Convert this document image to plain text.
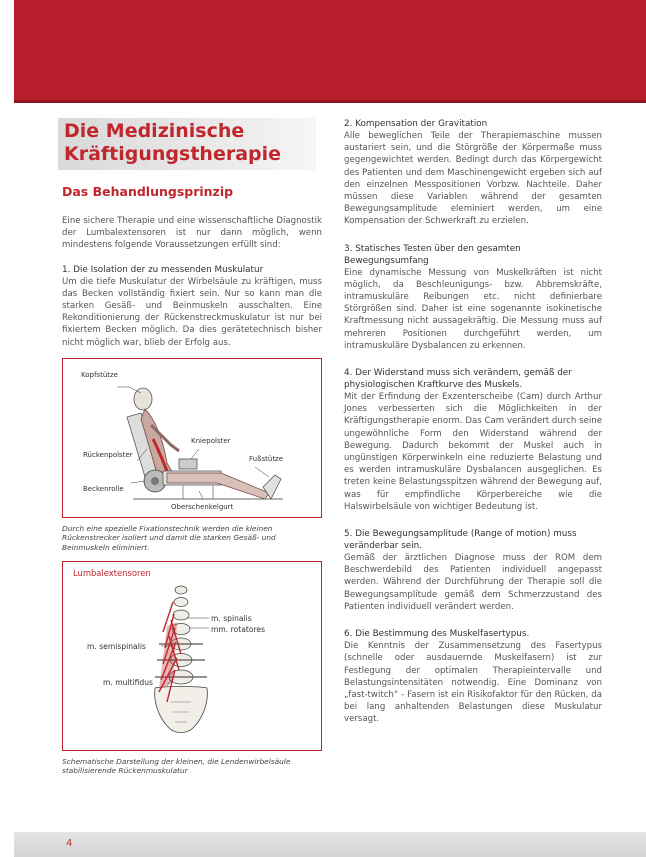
4
Die Medizinische
Kräftigungstherapie
Das Behandlungsprinzip

Eine sichere Therapie und eine wissenschaftliche Diagnostik der Lumbalextensoren ist nur dann möglich, wenn mindestens folgende Voraussetzungen erfüllt sind:

1. Die Isolation der zu messenden Muskulatur

Um die tiefe Muskulatur der Wirbelsäule zu kräftigen, muss das Becken vollständig fixiert sein. Nur so kann man die starken Gesäß- und Beinmuskeln ausschalten. Eine Rekonditionierung der Rückenstreckmuskulatur ist nur bei fixiertem Becken möglich. Da dies gerätetechnisch bisher nicht möglich war, blieb der Erfolg aus.

Kopfstütze
Kniepolster
Rückenpolster	Fußstütze
Beckenrolle
Oberschenkelgurt

Durch eine spezielle Fixationstechnik werden die kleinen Rückenstrecker isoliert und damit die starken Gesäß- und Beinmuskeln eliminiert.

Lumbalextensoren
m. spinalis
mm. rotatores
m. semispinalis
m. multifidus

Schematische Darstellung der kleinen, die Lendenwirbelsäule stabilisierende Rückenmuskulatur

2. Kompensation der Gravitation

Alle beweglichen Teile der Therapiemaschine mussen austariert sein, und die Störgröße der Körpermaße muss gegengewichtet werden. Bedingt durch das Körpergewicht des Patienten und dem Maschinengewicht ergeben sich auf den einzelnen Messpositionen Vorbzw. Nachteile. Daher müssen diese Variablen während der gesamten Bewegungsamplitude eleminiert werden, um eine Kompensation der Schwerkraft zu erzielen.

3. Statisches Testen über den gesamten Bewegungsumfang

Eine dynamische Messung von Muskelkräften ist nicht möglich, da Beschleunigungs- bzw. Abbremskräfte, intramuskuläre Reibungen etc. nicht definierbare Störgrößen sind. Daher ist eine sogenannte isokinetische Kraftmessung nicht aussagekräftig. Die Messung muss auf mehreren Positionen durchgeführt werden, um intramuskuläre Dysbalancen zu erkennen.

4. Der Widerstand muss sich verändern, gemäß der physiologischen Kraftkurve des Muskels.

Mit der Erfindung der Exzenterscheibe (Cam) durch Arthur Jones verbesserten sich die Möglichkeiten in der Kräftigungstherapie enorm. Das Cam verändert durch seine ungewöhnliche Form den Widerstand während der Bewegung. Dadurch bekommt der Muskel auch in ungünstigen Körperwinkeln eine reduzierte Belastung und es werden intramuskuläre Dysbalancen ausgeglichen. Es treten keine Belastungsspitzen während der Bewegung auf, was für empfindliche Körperbereiche wie die Halswirbelsäule von wichtiger Bedeutung ist.

5. Die Bewegungsamplitude (Range of motion) muss veränderbar sein.

Gemäß der ärztlichen Diagnose muss der ROM dem Beschwerdebild des Patienten individuell angepasst werden. Während der Durchführung der Therapie soll die Bewegungsamplitude gemäß dem Schmerzzustand des Patienten individuell verändert werden.

6. Die Bestimmung des Muskelfasertypus.

Die Kenntnis der Zusammensetzung des Fasertypus (schnelle oder ausdauernde Muskelfasern) ist zur Festlegung der optimalen Therapieintervalle und Belastungsintensitäten notwendig. Eine Dominanz von „fast-twitch“ - Fasern ist ein Risikofaktor für den Rücken, da bei lang anhaltenden Belastungen diese Muskulatur versagt.
